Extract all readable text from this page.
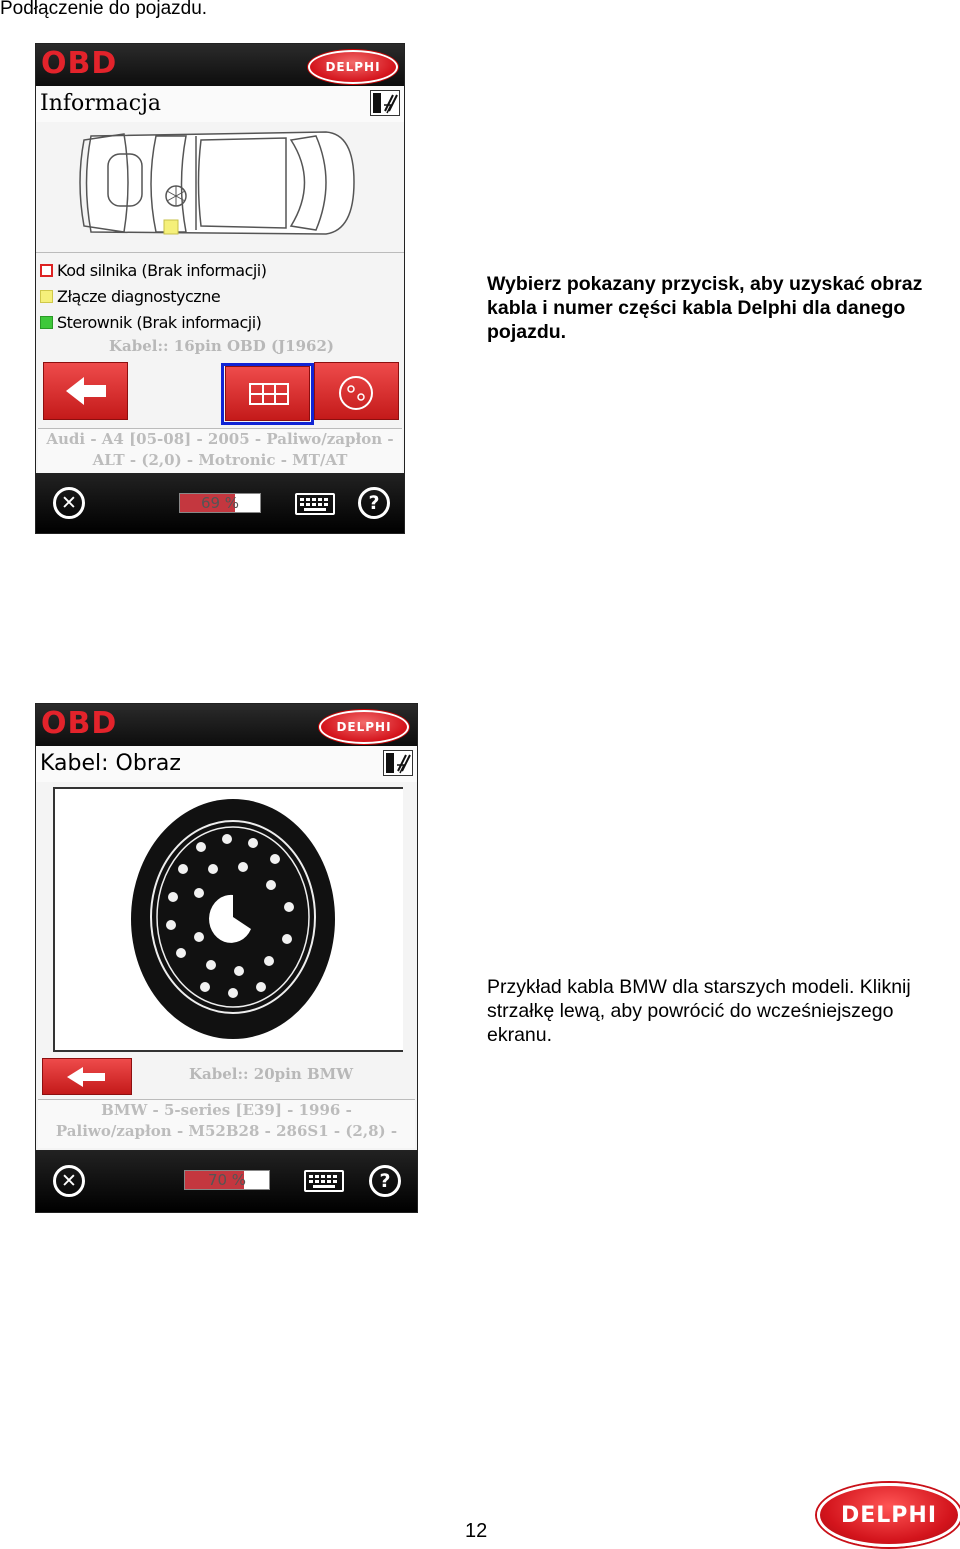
Podłączenie do pojazdu.
OBD	DELPHI
Informacja
Kod silnika (Brak informacji)
Złącze diagnostyczne
Sterownik (Brak informacji)
Kabel:: 16pin OBD (J1962)
Audi - A4 [05-08] - 2005 - Paliwo/zapłon -
ALT - (2,0) - Motronic - MT/AT
✕	69 %	?
Wybierz pokazany przycisk, aby uzyskać obraz kabla i numer części kabla Delphi dla danego pojazdu.
OBD	DELPHI
Kabel: Obraz
Kabel:: 20pin BMW
BMW - 5-series [E39] - 1996 -
Paliwo/zapłon - M52B28 - 286S1 - (2,8) -
✕	70 %	?
Przykład kabla BMW dla starszych modeli. Kliknij strzałkę lewą, aby powrócić do wcześniejszego ekranu.
12
DELPHI
